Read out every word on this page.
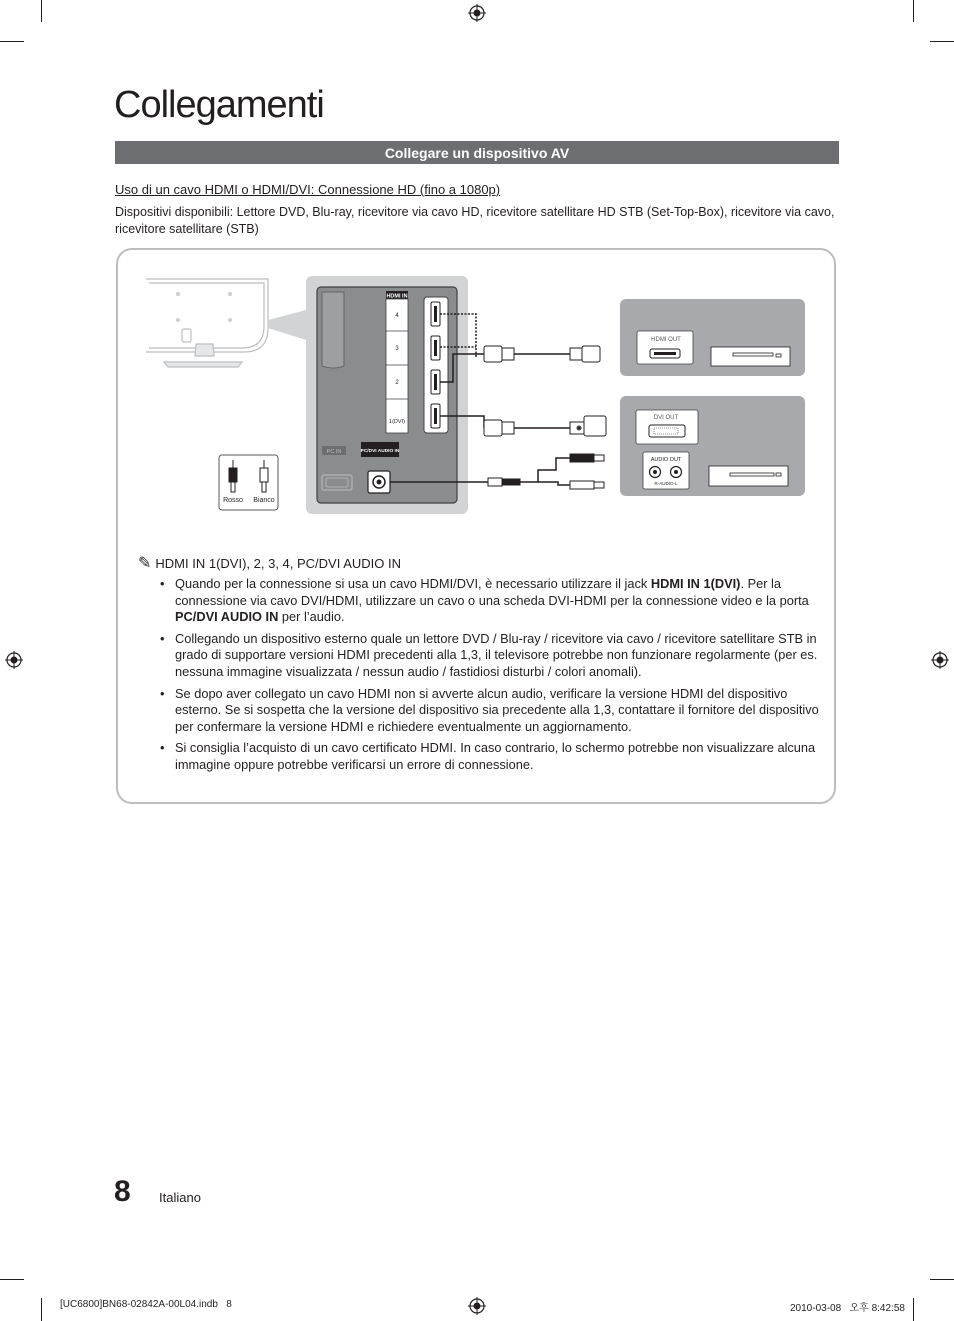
Collegamenti
Collegare un dispositivo AV
Uso di un cavo HDMI o HDMI/DVI: Connessione HD (fino a 1080p)
Dispositivi disponibili: Lettore DVD, Blu-ray, ricevitore via cavo HD, ricevitore satellitare HD STB (Set-Top-Box), ricevitore via cavo, ricevitore satellitare (STB)
HDMI IN
4
3
2
1(DVI)
PC IN	PC/DVI AUDIO IN
Rosso Bianco
HDMI OUT
DVI OUT
AUDIO OUT
R-AUDIO-L
✎ HDMI IN 1(DVI), 2, 3, 4, PC/DVI AUDIO IN
• Quando per la connessione si usa un cavo HDMI/DVI, è necessario utilizzare il jack HDMI IN 1(DVI). Per la connessione via cavo DVI/HDMI, utilizzare un cavo o una scheda DVI-HDMI per la connessione video e la porta PC/DVI AUDIO IN per l’audio.
• Collegando un dispositivo esterno quale un lettore DVD / Blu-ray / ricevitore via cavo / ricevitore satellitare STB in grado di supportare versioni HDMI precedenti alla 1,3, il televisore potrebbe non funzionare regolarmente (per es. nessuna immagine visualizzata / nessun audio / fastidiosi disturbi / colori anomali).
• Se dopo aver collegato un cavo HDMI non si avverte alcun audio, verificare la versione HDMI del dispositivo esterno. Se si sospetta che la versione del dispositivo sia precedente alla 1,3, contattare il fornitore del dispositivo per confermare la versione HDMI e richiedere eventualmente un aggiornamento.
• Si consiglia l’acquisto di un cavo certificato HDMI. In caso contrario, lo schermo potrebbe non visualizzare alcuna immagine oppure potrebbe verificarsi un errore di connessione.
8 Italiano
[UC6800]BN68-02842A-00L04.indb   8	2010-03-08   오후 8:42:58
